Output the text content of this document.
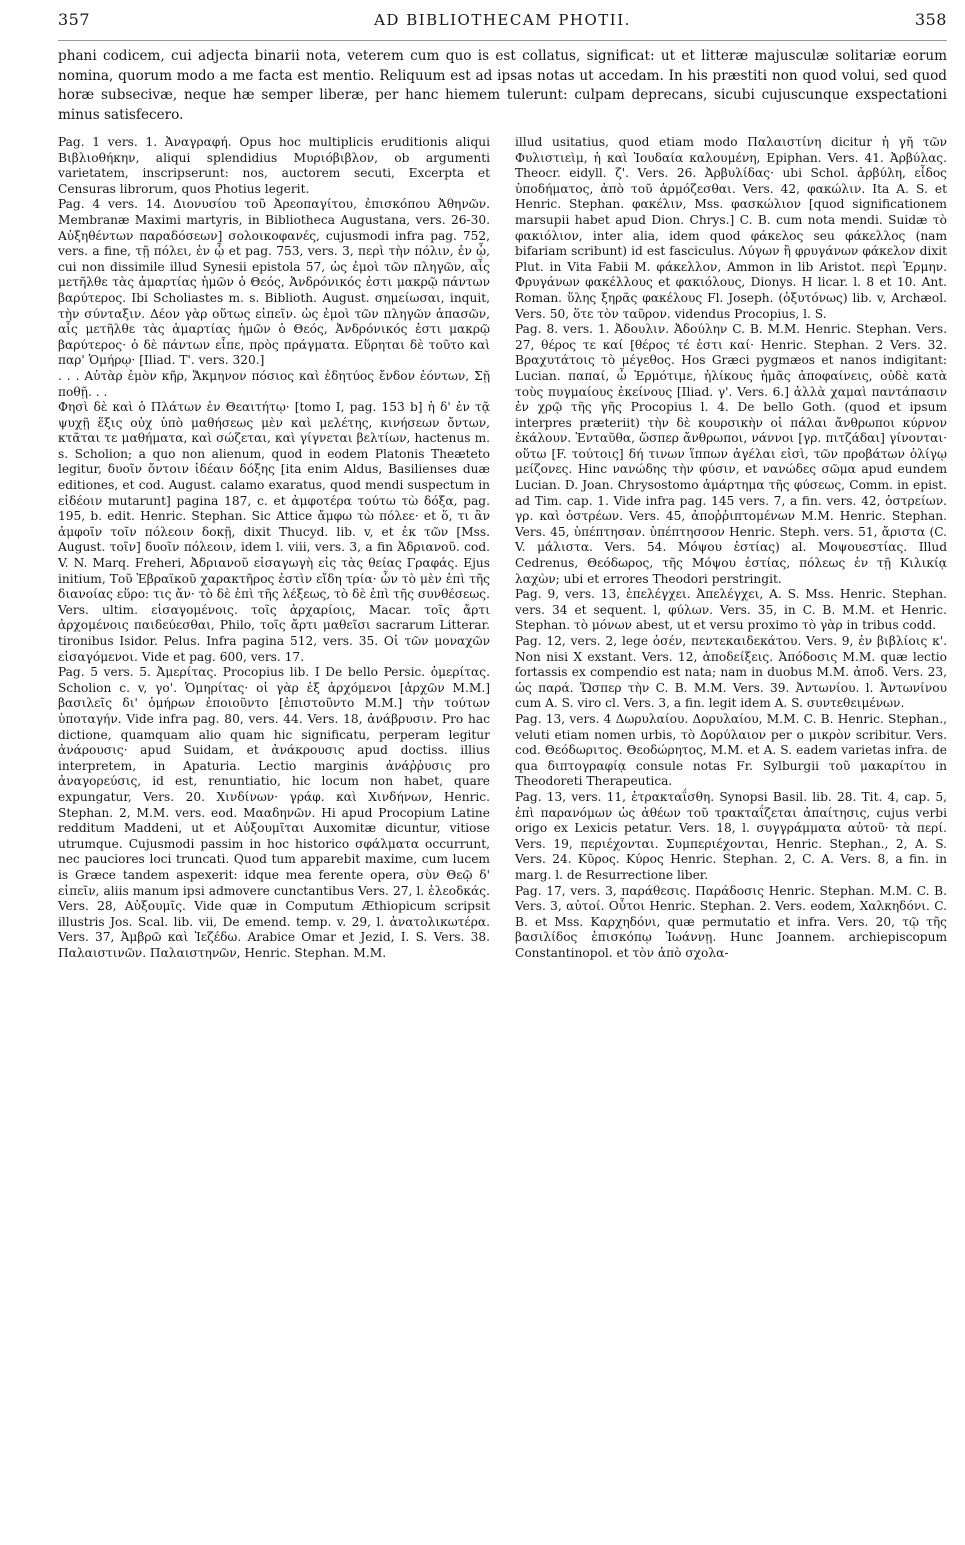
357	AD BIBLIOTHECAM PHOTII.	358

phani codicem, cui adjecta binarii nota, veterem cum quo is est collatus, significat: ut et litteræ majusculæ solitariæ eorum nomina, quorum modo a me facta est mentio. Reliquum est ad ipsas notas ut accedam. In his præstiti non quod volui, sed quod horæ subsecivæ, neque hæ semper liberæ, per hanc hiemem tulerunt: culpam deprecans, sicubi cujuscunque exspectationi minus satisfecero.

Pag. 1 vers. 1. Ἀναγραφή. Opus hoc multiplicis eruditionis aliqui Βιβλιοθήκην, aliqui splendidius Μυριόβιβλον, ob argumenti varietatem, inscripserunt: nos, auctorem secuti, Excerpta et Censuras librorum, quos Photius legerit.

Pag. 4 vers. 14. Διονυσίου τοῦ Ἀρεοπαγίτου, ἐπισκόπου Ἀθηνῶν. Membranæ Maximi martyris, in Bibliotheca Augustana, vers. 26-30. Αὐξηθέντων παραδόσεων] σολοικοφανές, cujusmodi infra pag. 752, vers. a fine, τῇ πόλει, ἐν ᾧ et pag. 753, vers. 3, περὶ τὴν πόλιν, ἐν ᾧ, cui non dissimile illud Synesii epistola 57, ὡς ἐμοὶ τῶν πληγῶν, αἷς μετῆλθε τὰς ἁμαρτίας ἡμῶν ὁ Θεός, Ἀνδρόνικός ἐστι μακρῷ πάντων βαρύτερος. Ibi Scholiastes m. s. Biblioth. August. σημείωσαι, inquit, τὴν σύνταξιν. Δέον γὰρ οὕτως εἰπεῖν. ὡς ἐμοὶ τῶν πληγῶν ἁπασῶν, αἷς μετῆλθε τὰς ἁμαρτίας ἡμῶν ὁ Θεός, Ἀνδρόνικός ἐστι μακρῷ βαρύτερος· ὁ δὲ πάντων εἶπε, πρὸς πράγματα. Εὕρηται δὲ τοῦτο καὶ παρ' Ὁμήρῳ· [Iliad. Τ'. vers. 320.]

. . . Αὐτὰρ ἐμὸν κῆρ, Ἄκμηνον πόσιος καὶ ἐδητύος ἔνδον ἐόντων, Σῇ ποθῇ. . .

Φησὶ δὲ καὶ ὁ Πλάτων ἐν Θεαιτήτῳ· [tomo I, pag. 153 b] ἡ δ' ἐν τᾷ ψυχῇ ἕξις οὐχ ὑπὸ μαθήσεως μὲν καὶ μελέτης, κινήσεων ὄντων, κτᾶται τε μαθήματα, καὶ σώζεται, καὶ γίγνεται βελτίων, hactenus m. s. Scholion; a quo non alienum, quod in eodem Platonis Theæteto legitur, δυοῖν ὄντοιν ἰδέαιν δόξης [ita enim Aldus, Basilienses duæ editiones, et cod. August. calamo exaratus, quod mendi suspectum in εἰδέοιν mutarunt] pagina 187, c. et ἀμφοτέρα τούτω τὼ δόξα, pag. 195, b. edit. Henric. Stephan. Sic Attice ἄμφω τὼ πόλεε· et ὅ, τι ἂν ἀμφοῖν τοῖν πόλεοιν δοκῇ, dixit Thucyd. lib. v, et ἐκ τῶν [Mss. August. τοῖν] δυοῖν πόλεοιν, idem l. viii, vers. 3, a fin Ἀδριανοῦ. cod. V. N. Marq. Freheri, Ἀδριανοῦ εἰσαγωγὴ εἰς τὰς θείας Γραφάς. Ejus initium, Τοῦ Ἑβραϊκοῦ χαρακτῆρος ἐστὶν εἴδη τρία· ὧν τὸ μὲν ἐπὶ τῆς διανοίας εὕρο: τις ἄν· τὸ δὲ ἐπὶ τῆς λέξεως, τὸ δὲ ἐπὶ τῆς συνθέσεως. Vers. ultim. εἰσαγομένοις. τοῖς ἀρχαρίοις, Macar. τοῖς ἄρτι ἀρχομένοις παιδεύεσθαι, Philo, τοῖς ἄρτι μαθεῖσι sacrarum Litterar. tironibus Isidor. Pelus. Infra pagina 512, vers. 35. Οἱ τῶν μοναχῶν εἰσαγόμενοι. Vide et pag. 600, vers. 17.

Pag. 5 vers. 5. Ἀμερίτας. Procopius lib. I De bello Persic. ὁμερίτας. Scholion c. v, γο'. Ὁμηρίτας· οἱ γὰρ ἐξ ἀρχόμενοι [ἀρχῶν M.M.] βασιλεῖς δι' ὁμήρων ἐποιοῦντο [ἐπιστοῦντο M.M.] τὴν τούτων ὑποταγήν. Vide infra pag. 80, vers. 44. Vers. 18, ἀνάβρυσιν. Pro hac dictione, quamquam alio quam hic significatu, perperam legitur ἀνάρουσις· apud Suidam, et ἀνάκρουσις apud doctiss. illius interpretem, in Apaturia. Lectio marginis ἀνάῤῥυσις pro ἀναγορεύσις, id est, renuntiatio, hic locum non habet, quare expungatur, Vers. 20. Χινδίνων· γράφ. καὶ Χινδήνων, Henric. Stephan. 2, M.M. vers. eod. Μααδηνῶν. Hi apud Procopium Latine redditum Maddeni, ut et Αὐξουμῖται Auxomitæ dicuntur, vitiose utrumque. Cujusmodi passim in hoc historico σφάλματα occurrunt, nec pauciores loci truncati. Quod tum apparebit maxime, cum lucem is Græce tandem aspexerit: idque mea ferente opera, σὺν Θεῷ δ' εἰπεῖν, aliis manum ipsi admovere cunctantibus Vers. 27, l. ἐλεοδκάς. Vers. 28, Αὐξουμῖς. Vide quæ in Computum Æthiopicum scripsit illustris Jos. Scal. lib. vii, De emend. temp. v. 29, l. ἀνατολικωτέρα. Vers. 37, Ἀμβρῶ καὶ Ἰεζέδω. Arabice Omar et Jezid, I. S. Vers. 38. Παλαιστινῶν. Παλαιστηνῶν, Henric. Stephan. M.M.

illud usitatius, quod etiam modo Παλαιστίνη dicitur ἡ γῆ τῶν Φυλιστιεὶμ, ἡ καὶ Ἰουδαία καλουμένη, Epiphan. Vers. 41. Ἀρβύλας. Theocr. eidyll. ζ'. Vers. 26. Ἀρβυλίδας· ubi Schol. ἀρβύλη, εἶδος ὑποδήματος, ἀπὸ τοῦ ἁρμόζεσθαι. Vers. 42, φακώλιν. Ita A. S. et Henric. Stephan. φακέλιν, Mss. φασκώλιον [quod significationem marsupii habet apud Dion. Chrys.] C. B. cum nota mendi. Suidæ τὸ φακιόλιον, inter alia, idem quod φάκελος seu φάκελλος (nam bifariam scribunt) id est fasciculus. Λύγων ἢ φρυγάνων φάκελον dixit Plut. in Vita Fabii M. φάκελλον, Ammon in lib Aristot. περὶ Ἑρμην. Φρυγάνων φακέλλους et φακιόλους, Dionys. H licar. l. 8 et 10. Ant. Roman. ὕλης ξηρᾶς φακέλους Fl. Joseph. (ὀξυτόνως) lib. v, Archæol. Vers. 50, ὅτε τὸν ταῦρον. videndus Procopius, l. S.

Pag. 8. vers. 1. Ἀδουλιν. Ἀδούλην C. B. M.M. Henric. Stephan. Vers. 27, θέρος τε καί [θέρος τέ ἐστι καί· Henric. Stephan. 2 Vers. 32. Βραχυτάτοις τὸ μέγεθος. Hos Græci pygmæos et nanos indigitant: Lucian. παπαί, ὦ Ἑρμότιμε, ἡλίκους ἡμᾶς ἀποφαίνεις, οὐδὲ κατὰ τοὺς πυγμαίους ἐκείνους [Iliad. γ'. Vers. 6.] ἀλλὰ χαμαὶ παντάπασιν ἐν χρῷ τῆς γῆς Procopius l. 4. De bello Goth. (quod et ipsum interpres præteriit) τὴν δὲ κουρσικὴν οἱ πάλαι ἄνθρωποι κύρνον ἐκάλουν. Ἐνταῦθα, ὥσπερ ἄνθρωποι, νάννοι [γρ. πιτζάδαι] γίνονται· οὕτω [F. τούτοις] δή τινων ἵππων ἀγέλαι εἰσὶ, τῶν προβάτων ὀλίγῳ μείζονες. Hinc νανώδης τὴν φύσιν, et νανώδες σῶμα apud eundem Lucian. D. Joan. Chrysostomo ἁμάρτημα τῆς φύσεως, Comm. in epist. ad Tim. cap. 1. Vide infra pag. 145 vers. 7, a fin. vers. 42, ὀστρείων. γρ. καὶ ὀστρέων. Vers. 45, ἀποῤῥιπτομένων M.M. Henric. Stephan. Vers. 45, ὑπέπτησαν. ὑπέπτησσον Henric. Steph. vers. 51, ἄριστα (C. V. μάλιστα. Vers. 54. Μόψου ἑστίας) al. Μοψουεστίας. Illud Cedrenus, Θεόδωρος, τῆς Μόψου ἑστίας, πόλεως ἐν τῇ Κιλικίᾳ λαχὼν; ubi et errores Theodori perstringit.

Pag. 9, vers. 13, ἐπελέγχει. Ἀπελέγχει, A. S. Mss. Henric. Stephan. vers. 34 et sequent. l, φύλων. Vers. 35, in C. B. M.M. et Henric. Stephan. τὸ μόνων abest, ut et versu proximo τὸ γὰρ in tribus codd.

Pag. 12, vers. 2, lege ὀσέν, πεντεκαιδεκάτου. Vers. 9, ἐν βιβλίοις κ'. Non nisi X exstant. Vers. 12, ἀποδείξεις. Ἀπόδοσις M.M. quæ lectio fortassis ex compendio est nata; nam in duobus M.M. ἀποδ. Vers. 23, ὡς παρά. Ὥσπερ τὴν C. B. M.M. Vers. 39. Ἀντωνίου. l. Ἀντωνίνου cum A. S. viro cl. Vers. 3, a fin. legit idem A. S. συντεθειμένων.

Pag. 13, vers. 4 Δωρυλαίου. Δορυλαίου, M.M. C. B. Henric. Stephan., veluti etiam nomen urbis, τὸ Δορύλαιον per o μικρὸν scribitur. Vers. cod. Θεόδωριτος. Θεοδώρητος, M.M. et A. S. eadem varietas infra. de qua διπτογραφίᾳ consule notas Fr. Sylburgii τοῦ μακαρίτου in Theodoreti Therapeutica.

Pag. 13, vers. 11, ἐτρακταΐσθη. Synopsi Basil. lib. 28. Tit. 4, cap. 5, ἐπὶ παρανόμων ὡς ἀθέων τοῦ τρακταΐζεται ἀπαίτησις, cujus verbi origo ex Lexicis petatur. Vers. 18, l. συγγράμματα αὐτοῦ· τὰ περί. Vers. 19, περιέχονται. Συμπεριέχονται, Henric. Stephan., 2, A. S. Vers. 24. Κῦρος. Κύρος Henric. Stephan. 2, C. A. Vers. 8, a fin. in marg. l. de Resurrectione liber.

Pag. 17, vers. 3, παράθεσις. Παράδοσις Henric. Stephan. M.M. C. B. Vers. 3, αὐτοί. Οὗτοι Henric. Stephan. 2. Vers. eodem, Χαλκηδόνι. C. B. et Mss. Καρχηδόνι, quæ permutatio et infra. Vers. 20, τῷ τῆς βασιλίδος ἐπισκόπῳ Ἰωάννῃ. Hunc Joannem. archiepiscopum Constantinopol. et τὸν ἀπὸ σχολα-
